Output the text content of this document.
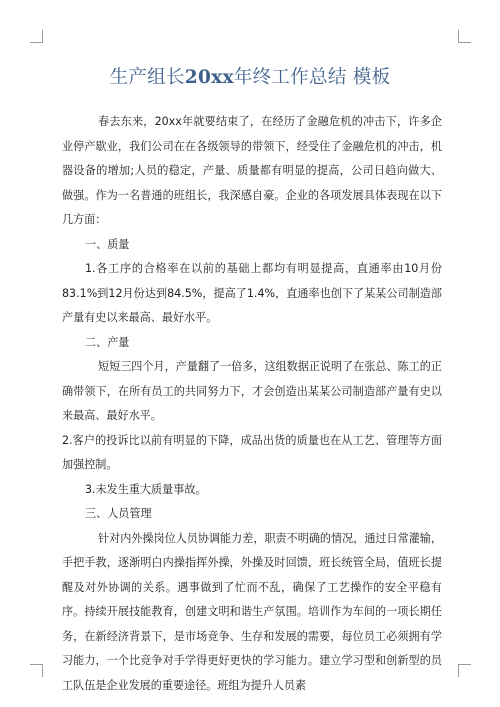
生产组长20xx年终工作总结 模板

春去东来，20xx年就要结束了，在经历了金融危机的冲击下，许多企业停产歇业，我们公司在在各级领导的带领下，经受住了金融危机的冲击，机器设备的增加;人员的稳定，产量、质量都有明显的提高，公司日趋向做大、做强。作为一名普通的班组长，我深感自豪。企业的各项发展具体表现在以下几方面：

一、质量

1.各工序的合格率在以前的基础上都均有明显提高，直通率由10月份83.1%到12月份达到84.5%，提高了1.4%，直通率也创下了某某公司制造部产量有史以来最高、最好水平。

二、产量

短短三四个月，产量翻了一倍多，这组数据正说明了在张总、陈工的正确带领下，在所有员工的共同努力下，才会创造出某某公司制造部产量有史以来最高、最好水平。

2.客户的投诉比以前有明显的下降，成品出货的质量也在从工艺、管理等方面加强控制。

3.未发生重大质量事故。

三、人员管理

针对内外操岗位人员协调能力差，职责不明确的情况，通过日常灌输，手把手教，逐渐明白内操指挥外操，外操及时回馈，班长统管全局，值班长提醒及对外协调的关系。遇事做到了忙而不乱，确保了工艺操作的安全平稳有序。持续开展技能教育，创建文明和谐生产氛围。培训作为车间的一项长期任务，在新经济背景下，是市场竞争、生存和发展的需要，每位员工必须拥有学习能力，一个比竞争对手学得更好更快的学习能力。建立学习型和创新型的员工队伍是企业发展的重要途径。班组为提升人员素
